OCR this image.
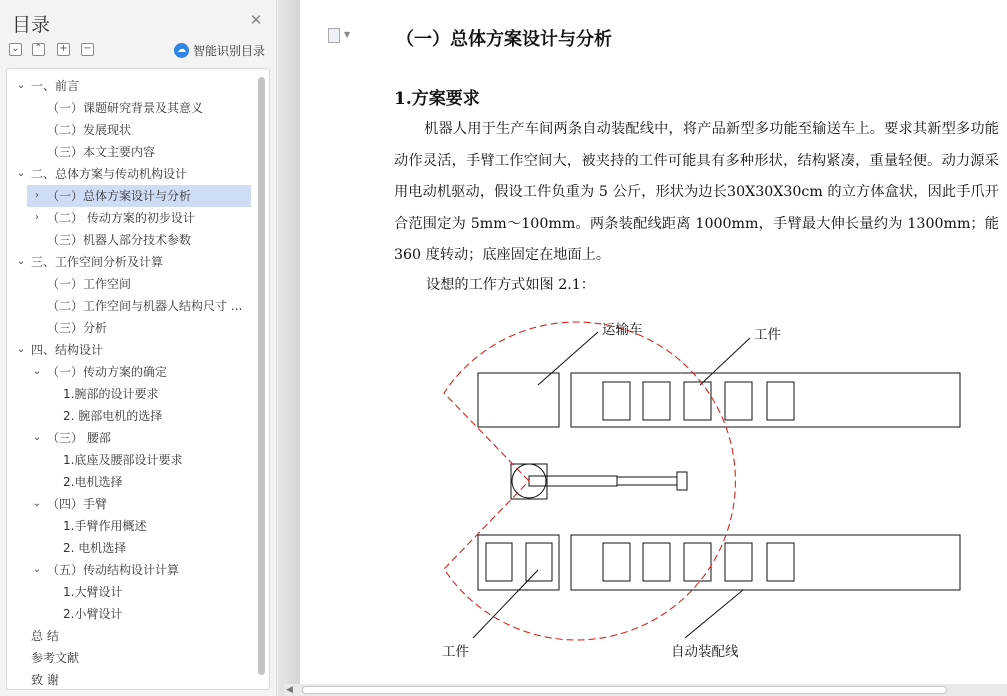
目录	✕
⌄ ⌃ + −	☁ 智能识别目录
⌄ 一、前言
（一）课题研究背景及其意义
（二）发展现状
（三）本文主要内容
⌄ 二、总体方案与传动机构设计
› （一）总体方案设计与分析
› （二） 传动方案的初步设计
（三）机器人部分技术参数
⌄ 三、工作空间分析及计算
（一）工作空间
（二）工作空间与机器人结构尺寸 ...
（三）分析
⌄ 四、结构设计
⌄ （一）传动方案的确定
1.腕部的设计要求
2. 腕部电机的选择
⌄ （三） 腰部
1.底座及腰部设计要求
2.电机选择
⌄ （四）手臂
1.手臂作用概述
2. 电机选择
⌄ （五）传动结构设计计算
1.大臂设计
2.小臂设计
总 结
参考文献
致 谢
▼	（一）总体方案设计与分析
1.方案要求
机器人用于生产车间两条自动装配线中，将产品新型多功能至输送车上。要求其新型多功能动作灵活，手臂工作空间大，被夹持的工件可能具有多种形状，结构紧凑，重量轻便。动力源采用电动机驱动，假设工件负重为 5 公斤，形状为边长30X30X30cm 的立方体盒状，因此手爪开合范围定为 5mm～100mm。两条装配线距离 1000mm，手臂最大伸长量约为 1300mm；能 360 度转动；底座固定在地面上。
设想的工作方式如图 2.1：
运输车	工件
工件	自动装配线
◀
